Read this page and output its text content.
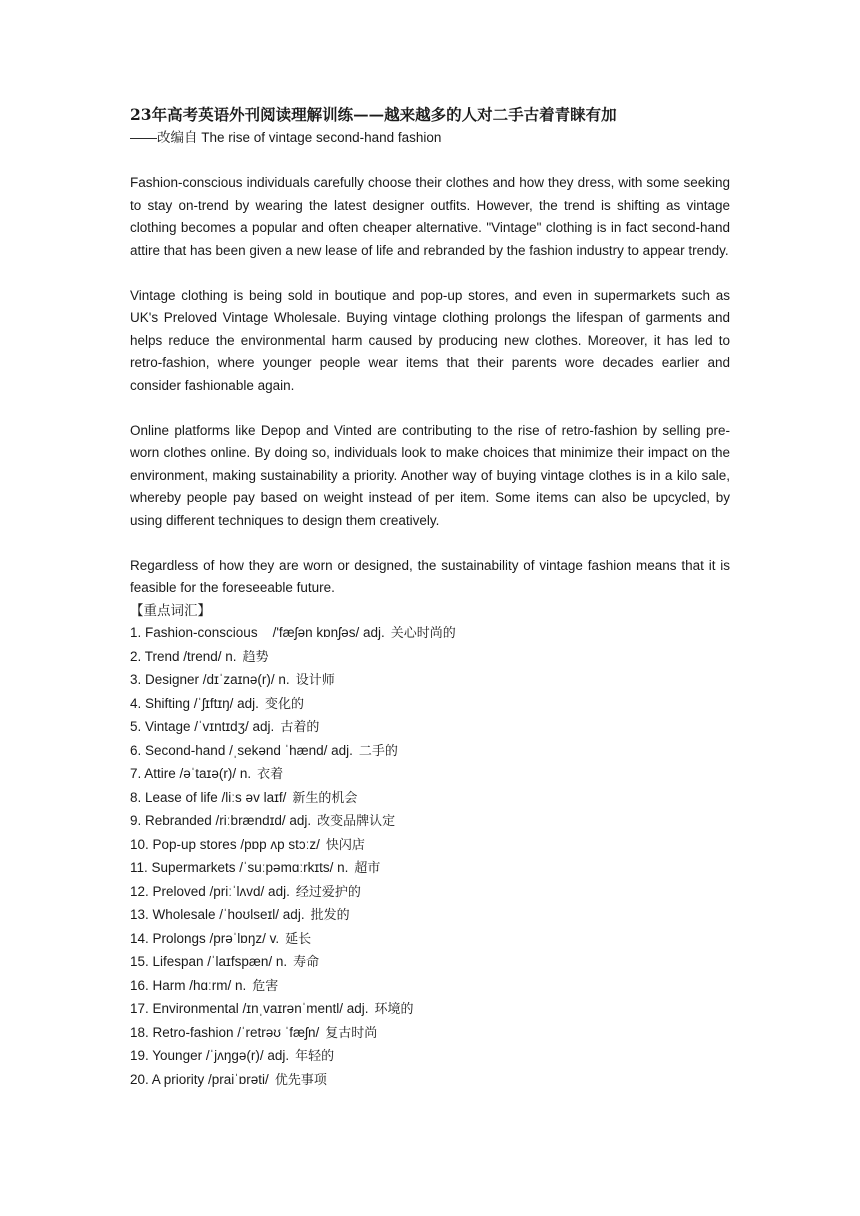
23年高考英语外刊阅读理解训练——越来越多的人对二手古着青睐有加

——改编自 The rise of vintage second-hand fashion

Fashion-conscious individuals carefully choose their clothes and how they dress, with some seeking to stay on-trend by wearing the latest designer outfits. However, the trend is shifting as vintage clothing becomes a popular and often cheaper alternative. "Vintage" clothing is in fact second-hand attire that has been given a new lease of life and rebranded by the fashion industry to appear trendy.

Vintage clothing is being sold in boutique and pop-up stores, and even in supermarkets such as UK's Preloved Vintage Wholesale. Buying vintage clothing prolongs the lifespan of garments and helps reduce the environmental harm caused by producing new clothes. Moreover, it has led to retro-fashion, where younger people wear items that their parents wore decades earlier and consider fashionable again.

Online platforms like Depop and Vinted are contributing to the rise of retro-fashion by selling pre-worn clothes online. By doing so, individuals look to make choices that minimize their impact on the environment, making sustainability a priority. Another way of buying vintage clothes is in a kilo sale, whereby people pay based on weight instead of per item. Some items can also be upcycled, by using different techniques to design them creatively.

Regardless of how they are worn or designed, the sustainability of vintage fashion means that it is feasible for the foreseeable future.

【重点词汇】
1. Fashion-conscious    /'fæʃən kɒnʃəs/ adj. 关心时尚的
2. Trend /trend/ n. 趋势
3. Designer /dɪˈzaɪnə(r)/ n. 设计师
4. Shifting /ˈʃɪftɪŋ/ adj. 变化的
5. Vintage /ˈvɪntɪdʒ/ adj. 古着的
6. Second-hand /ˌsekənd ˈhænd/ adj. 二手的
7. Attire /əˈtaɪə(r)/ n. 衣着
8. Lease of life /liːs əv laɪf/ 新生的机会
9. Rebranded /riːbrændɪd/ adj. 改变品牌认定
10. Pop-up stores /pɒp ʌp stɔːz/ 快闪店
11. Supermarkets /ˈsuːpəmɑːrkɪts/ n. 超市
12. Preloved /priːˈlʌvd/ adj. 经过爱护的
13. Wholesale /ˈhoʊlseɪl/ adj. 批发的
14. Prolongs /prəˈlɒŋz/ v. 延长
15. Lifespan /ˈlaɪfspæn/ n. 寿命
16. Harm /hɑːrm/ n. 危害
17. Environmental /ɪnˌvaɪrənˈmentl/ adj. 环境的
18. Retro-fashion /ˈretrəʊ ˈfæʃn/ 复古时尚
19. Younger /ˈjʌŋgə(r)/ adj. 年轻的
20. A priority /praiˈɒrəti/ 优先事项
